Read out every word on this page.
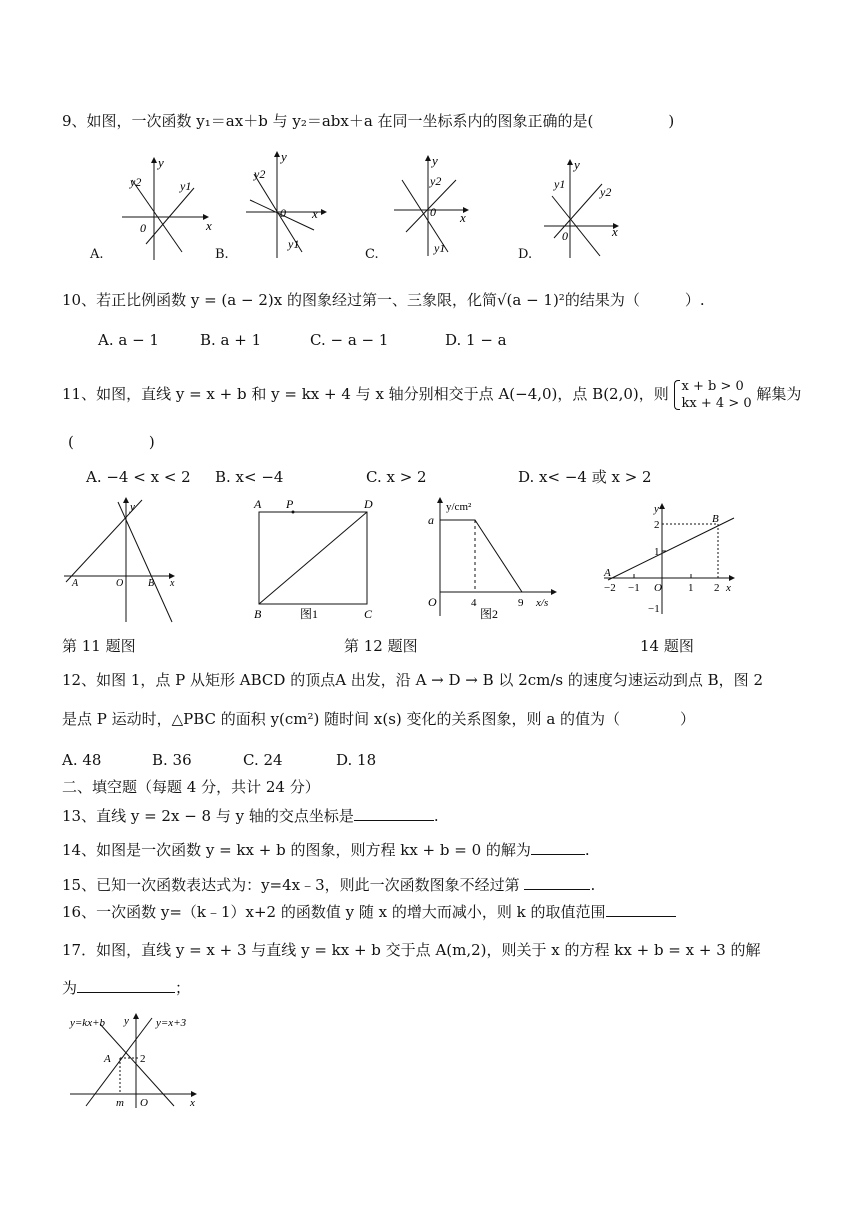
9、如图，一次函数 y₁＝ax＋b 与 y₂＝abx＋a 在同一坐标系内的图象正确的是(　　　　　)
y
x
0
y2	y1
A.
y
x
0
y2
y1
B.
y
x
0
y2
y1
C.
y
x
0
y1
y2
D.
10、若正比例函数 y = (a − 2)x 的图象经过第一、三象限，化简√(a − 1)²的结果为（　　　）.
A. a − 1	B. a + 1	C. − a − 1	D. 1 − a
11、如图，直线 y = x + b 和 y = kx + 4 与 x 轴分别相交于点 A(−4,0)，点 B(2,0)，则 x + b > 0
kx + 4 > 0 解集为
(　　　　　)
A. −4 < x < 2 B. x< −4	C. x > 2	D. x< −4 或 x > 2
y
O
A	B x
A P	D
B	C
图1
y/cm²
a
O	4	9 x/s
图2
y
B
A
2
1
−2 −1 O 1 2 x
−1
第 11 题图	第 12 题图	14 题图
12、如图 1，点 P 从矩形 ABCD 的顶点A 出发，沿 A → D → B 以 2cm/s 的速度匀速运动到点 B，图 2
是点 P 运动时，△PBC 的面积 y(cm²) 随时间 x(s) 变化的关系图象，则 a 的值为（　　　　）
A. 48	B. 36	C. 24	D. 18
二、填空题（每题 4 分，共计 24 分）
13、直线 y = 2x − 8 与 y 轴的交点坐标是	.
14、如图是一次函数 y = kx + b 的图象，则方程 kx + b = 0 的解为	.
15、已知一次函数表达式为：y=4x﹣3，则此一次函数图象不经过第	.
16、一次函数 y=（k﹣1）x+2 的函数值 y 随 x 的增大而减小，则 k 的取值范围
17．如图，直线 y = x + 3 与直线 y = kx + b 交于点 A(m,2)，则关于 x 的方程 kx + b = x + 3 的解
为	；
y=kx+b y y=x+3
A	2
m O	x
